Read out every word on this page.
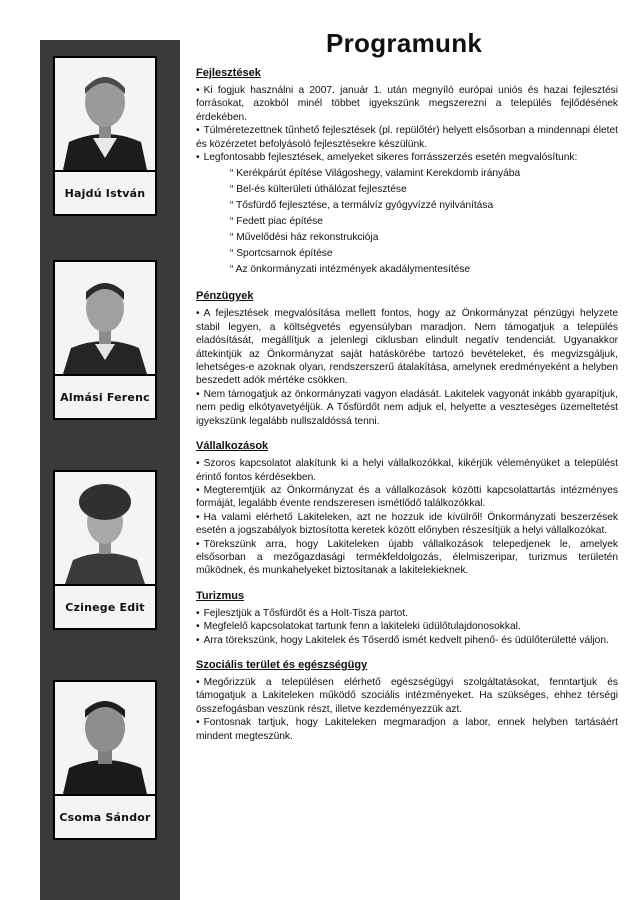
Hajdú István
Almási Ferenc
Czinege Edit
Csoma Sándor
Programunk
Fejlesztések

• Ki fogjuk használni a 2007. január 1. után megnyíló európai uniós és hazai fejlesztési forrásokat, azokból minél többet igyekszünk megszerezni a település fejlődésének érdekében.

• Túlméretezettnek tűnhető fejlesztések (pl. repülőtér) helyett elsősorban a mindennapi életet és közérzetet befolyásoló fejlesztésekre készülünk.

• Legfontosabb fejlesztések, amelyeket sikeres forrásszerzés esetén megvalósítunk:

“ Kerékpárút építése Világoshegy, valamint Kerekdomb irányába

“ Bel-és külterületi úthálózat fejlesztése

“ Tősfürdő fejlesztése, a termálvíz gyógyvízzé nyilvánítása

“ Fedett piac építése

“ Művelődési ház rekonstrukciója

“ Sportcsarnok építése

“ Az önkormányzati intézmények akadálymentesítése

Pénzügyek

• A fejlesztések megvalósítása mellett fontos, hogy az Önkormányzat pénzügyi helyzete stabil legyen, a költségvetés egyensúlyban maradjon. Nem támogatjuk a település eladósítását, megállítjuk a jelenlegi ciklusban elindult negatív tendenciát. Ugyanakkor áttekintjük az Önkormányzat saját hatáskörébe tartozó bevételeket, és megvizsgáljuk, lehetséges-e azoknak olyan, rendszerszerű átalakítása, amelynek eredményeként a helyben beszedett adók mértéke csökken.

• Nem támogatjuk az önkormányzati vagyon eladását. Lakitelek vagyonát inkább gyarapítjuk, nem pedig elkótyavetyéljük. A Tősfürdőt nem adjuk el, helyette a veszteséges üzemeltetést igyekszünk legalább nullszaldóssá tenni.

Vállalkozások

• Szoros kapcsolatot alakítunk ki a helyi vállalkozókkal, kikérjük véleményüket a települést érintő fontos kérdésekben.

• Megteremtjük az Önkormányzat és a vállalkozások közötti kapcsolattartás intézményes formáját, legalább évente rendszeresen ismétlődő találkozókkal.

• Ha valami elérhető Lakiteleken, azt ne hozzuk ide kívülről! Önkormányzati beszerzések esetén a jogszabályok biztosította keretek között előnyben részesítjük a helyi vállalkozókat.

• Törekszünk arra, hogy Lakiteleken újabb vállalkozások telepedjenek le, amelyek elsősorban a mezőgazdasági termékfeldolgozás, élelmiszeripar, turizmus területén működnek, és munkahelyeket biztosítanak a lakitelekieknek.

Turizmus

• Fejlesztjük a Tősfürdőt és a Holt-Tisza partot.

• Megfelelő kapcsolatokat tartunk fenn a lakiteleki üdülőtulajdonosokkal.

• Arra törekszünk, hogy Lakitelek és Tőserdő ismét kedvelt pihenő- és üdülőterületté váljon.

Szociális terület és egészségügy

• Megőrizzük a településen elérhető egészségügyi szolgáltatásokat, fenntartjuk és támogatjuk a Lakiteleken működő szociális intézményeket. Ha szükséges, ehhez térségi összefogásban veszünk részt, illetve kezdeményezzük azt.

• Fontosnak tartjuk, hogy Lakiteleken megmaradjon a labor, ennek helyben tartásáért mindent megteszünk.
